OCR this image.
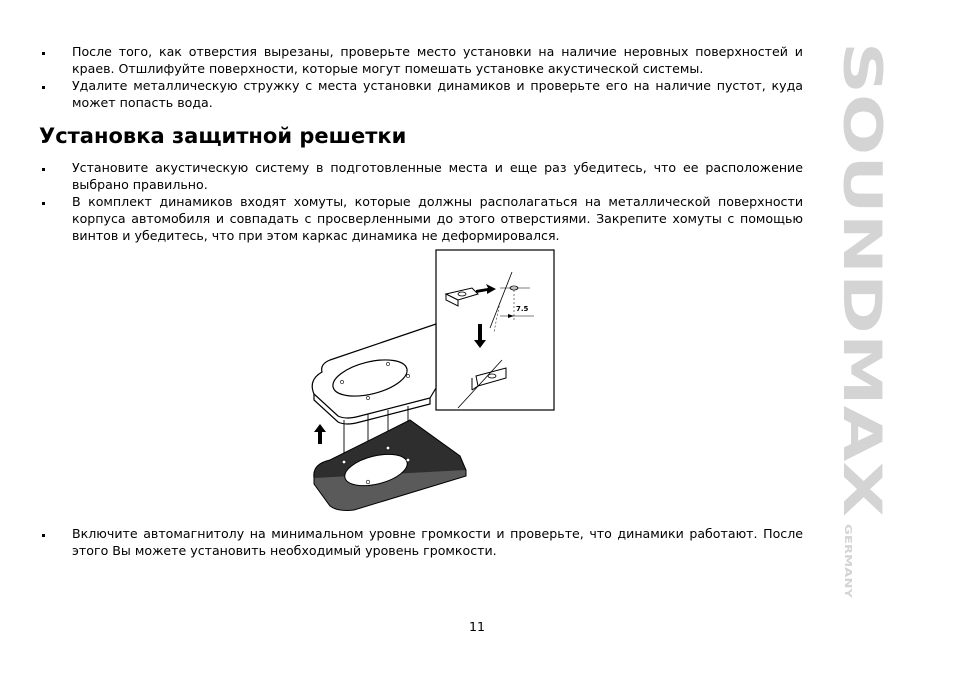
После того, как отверстия вырезаны, проверьте место установки на наличие неровных поверхностей и краев. Отшлифуйте поверхности, которые могут помешать установке акустической системы.

Удалите металлическую стружку с места установки динамиков и проверьте его на наличие пустот, куда может попасть вода.

Установка защитной решетки

Установите акустическую систему в подготовленные места и еще раз убедитесь, что ее расположение выбрано правильно.

В комплект динамиков входят хомуты, которые должны располагаться на металлической поверхности корпуса автомобиля и совпадать с просверленными до этого отверстиями. Закрепите хомуты с помощью винтов и убедитесь, что при этом каркас динамика не деформировался.

7.5

Включите автомагнитолу на минимальном уровне громкости и проверьте, что динамики работают. После этого Вы можете установить необходимый уровень громкости.

11
SOUNDMAX
GERMANY
